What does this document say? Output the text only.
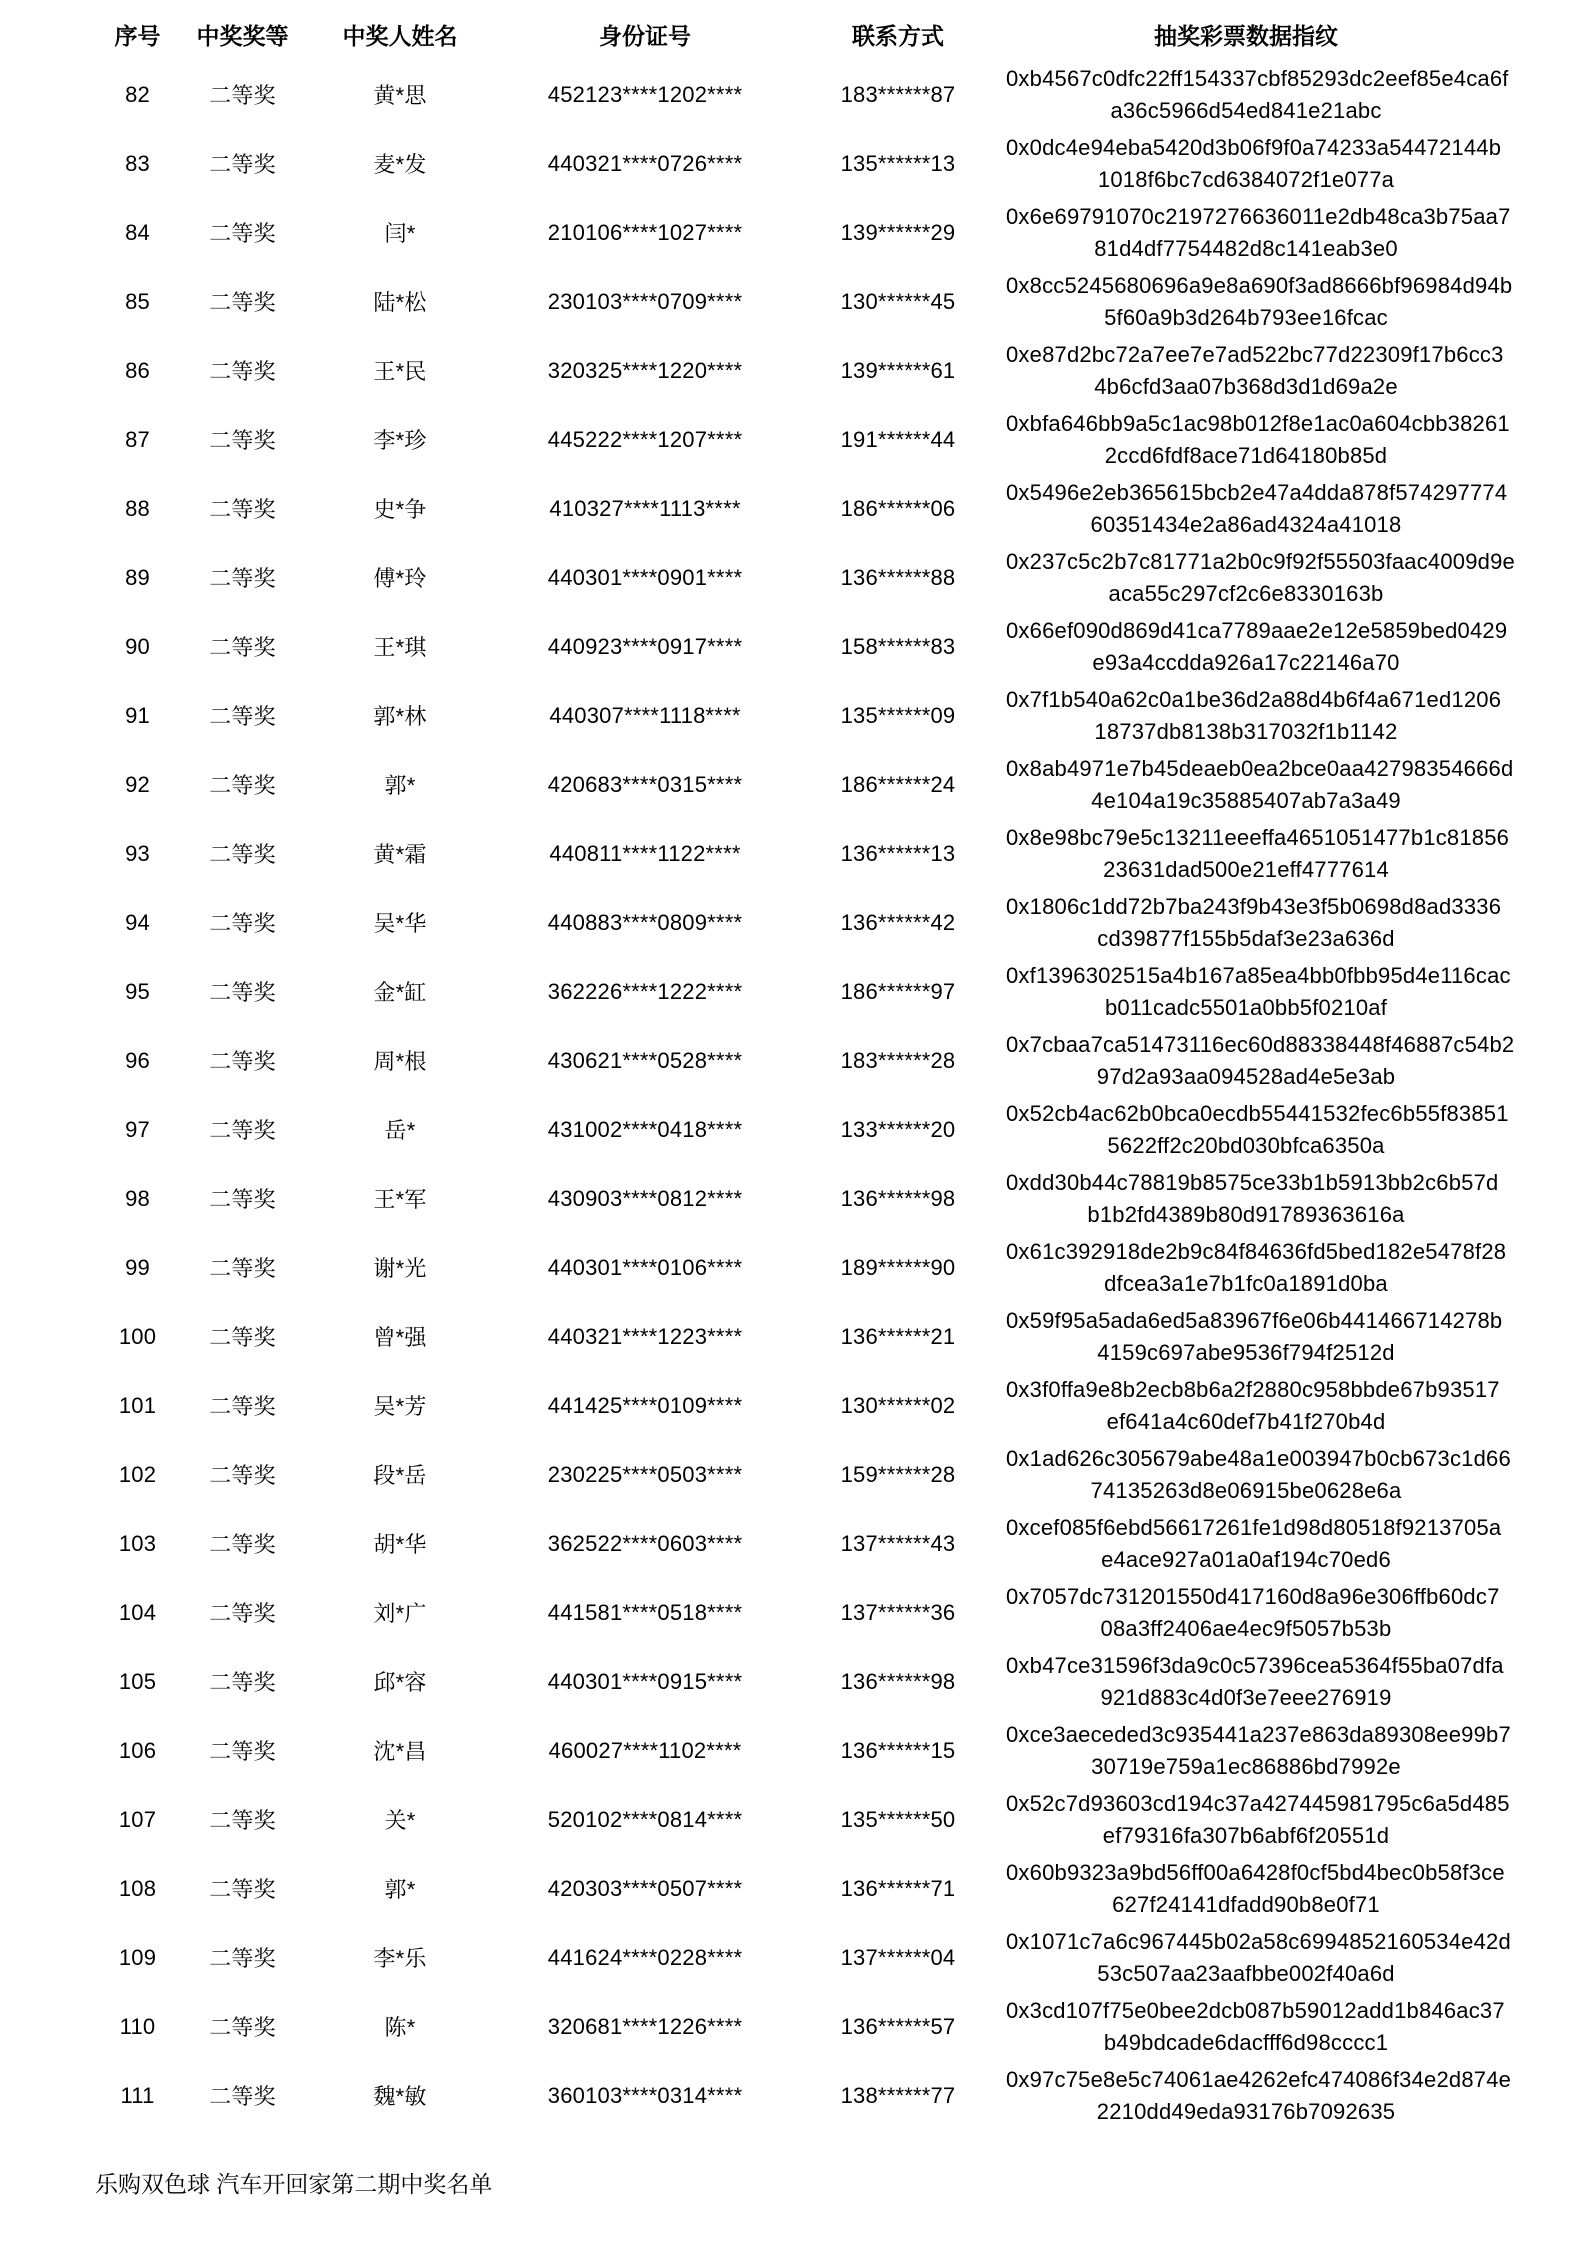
序号	中奖奖等	中奖人姓名	身份证号	联系方式	抽奖彩票数据指纹
82	二等奖	黄*思	452123****1202****	183******87	0xb4567c0dfc22ff154337cbf85293dc2eef85e4ca6f
a36c5966d54ed841e21abc

83	二等奖	麦*发	440321****0726****	135******13	0x0dc4e94eba5420d3b06f9f0a74233a54472144b
1018f6bc7cd6384072f1e077a

84	二等奖	闫*	210106****1027****	139******29	0x6e69791070c2197276636011e2db48ca3b75aa7
81d4df7754482d8c141eab3e0

85	二等奖	陆*松	230103****0709****	130******45	0x8cc5245680696a9e8a690f3ad8666bf96984d94b
5f60a9b3d264b793ee16fcac

86	二等奖	王*民	320325****1220****	139******61	0xe87d2bc72a7ee7e7ad522bc77d22309f17b6cc3
4b6cfd3aa07b368d3d1d69a2e

87	二等奖	李*珍	445222****1207****	191******44	0xbfa646bb9a5c1ac98b012f8e1ac0a604cbb38261
2ccd6fdf8ace71d64180b85d

88	二等奖	史*争	410327****1113****	186******06	0x5496e2eb365615bcb2e47a4dda878f574297774
60351434e2a86ad4324a41018

89	二等奖	傅*玲	440301****0901****	136******88	0x237c5c2b7c81771a2b0c9f92f55503faac4009d9e
aca55c297cf2c6e8330163b

90	二等奖	王*琪	440923****0917****	158******83	0x66ef090d869d41ca7789aae2e12e5859bed0429
e93a4ccdda926a17c22146a70

91	二等奖	郭*林	440307****1118****	135******09	0x7f1b540a62c0a1be36d2a88d4b6f4a671ed1206
18737db8138b317032f1b1142

92	二等奖	郭*	420683****0315****	186******24	0x8ab4971e7b45deaeb0ea2bce0aa42798354666d
4e104a19c35885407ab7a3a49

93	二等奖	黄*霜	440811****1122****	136******13	0x8e98bc79e5c13211eeeffa4651051477b1c81856
23631dad500e21eff4777614

94	二等奖	吴*华	440883****0809****	136******42	0x1806c1dd72b7ba243f9b43e3f5b0698d8ad3336
cd39877f155b5daf3e23a636d

95	二等奖	金*缸	362226****1222****	186******97	0xf1396302515a4b167a85ea4bb0fbb95d4e116cac
b011cadc5501a0bb5f0210af

96	二等奖	周*根	430621****0528****	183******28	0x7cbaa7ca51473116ec60d88338448f46887c54b2
97d2a93aa094528ad4e5e3ab

97	二等奖	岳*	431002****0418****	133******20	0x52cb4ac62b0bca0ecdb55441532fec6b55f83851
5622ff2c20bd030bfca6350a

98	二等奖	王*军	430903****0812****	136******98	0xdd30b44c78819b8575ce33b1b5913bb2c6b57d
b1b2fd4389b80d91789363616a

99	二等奖	谢*光	440301****0106****	189******90	0x61c392918de2b9c84f84636fd5bed182e5478f28
dfcea3a1e7b1fc0a1891d0ba

100	二等奖	曾*强	440321****1223****	136******21	0x59f95a5ada6ed5a83967f6e06b441466714278b
4159c697abe9536f794f2512d

101	二等奖	吴*芳	441425****0109****	130******02	0x3f0ffa9e8b2ecb8b6a2f2880c958bbde67b93517
ef641a4c60def7b41f270b4d

102	二等奖	段*岳	230225****0503****	159******28	0x1ad626c305679abe48a1e003947b0cb673c1d66
74135263d8e06915be0628e6a

103	二等奖	胡*华	362522****0603****	137******43	0xcef085f6ebd56617261fe1d98d80518f9213705a
e4ace927a01a0af194c70ed6

104	二等奖	刘*广	441581****0518****	137******36	0x7057dc731201550d417160d8a96e306ffb60dc7
08a3ff2406ae4ec9f5057b53b

105	二等奖	邱*容	440301****0915****	136******98	0xb47ce31596f3da9c0c57396cea5364f55ba07dfa
921d883c4d0f3e7eee276919

106	二等奖	沈*昌	460027****1102****	136******15	0xce3aeceded3c935441a237e863da89308ee99b7
30719e759a1ec86886bd7992e

107	二等奖	关*	520102****0814****	135******50	0x52c7d93603cd194c37a427445981795c6a5d485
ef79316fa307b6abf6f20551d

108	二等奖	郭*	420303****0507****	136******71	0x60b9323a9bd56ff00a6428f0cf5bd4bec0b58f3ce
627f24141dfadd90b8e0f71

109	二等奖	李*乐	441624****0228****	137******04	0x1071c7a6c967445b02a58c6994852160534e42d
53c507aa23aafbbe002f40a6d

110	二等奖	陈*	320681****1226****	136******57	0x3cd107f75e0bee2dcb087b59012add1b846ac37
b49bdcade6dacfff6d98cccc1

111	二等奖	魏*敏	360103****0314****	138******77	0x97c75e8e5c74061ae4262efc474086f34e2d874e
2210dd49eda93176b7092635
乐购双色球 汽车开回家第二期中奖名单
